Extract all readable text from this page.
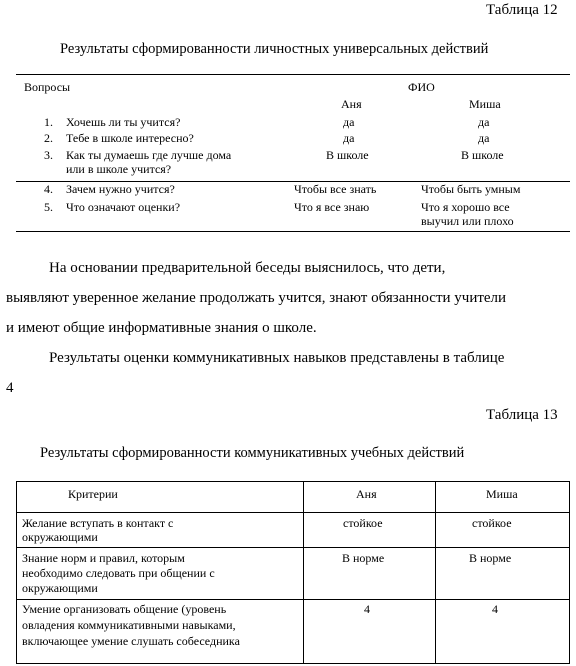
Таблица 12
Результаты сформированности личностных универсальных действий
Вопросы	ФИО
Аня	Миша
1. Хочешь ли ты учится?	да	да
2. Тебе в школе интересно?	да	да
3. Как ты думаешь где лучше дома
или в школе учится?
В школе	В школе
4. Зачем нужно учится?	Чтобы все знать	Чтобы быть умным
5. Что означают оценки?	Что я все знаю	Что я хорошо все
выучил или плохо
На основании предварительной беседы выяснилось, что дети,
выявляют уверенное желание продолжать учится, знают обязанности учители
и имеют общие информативные знания о школе.
Результаты оценки коммуникативных навыков представлены в таблице
4
Таблица 13
Результаты сформированности коммуникативных учебных действий
Критерии	Аня	Миша
Желание вступать в контакт с
окружающими
стойкое	стойкое
Знание норм и правил, которым
необходимо следовать при общении с
окружающими
В норме	В норме
Умение организовать общение (уровень
овладения коммуникативными навыками,
включающее умение слушать собеседника
4	4
